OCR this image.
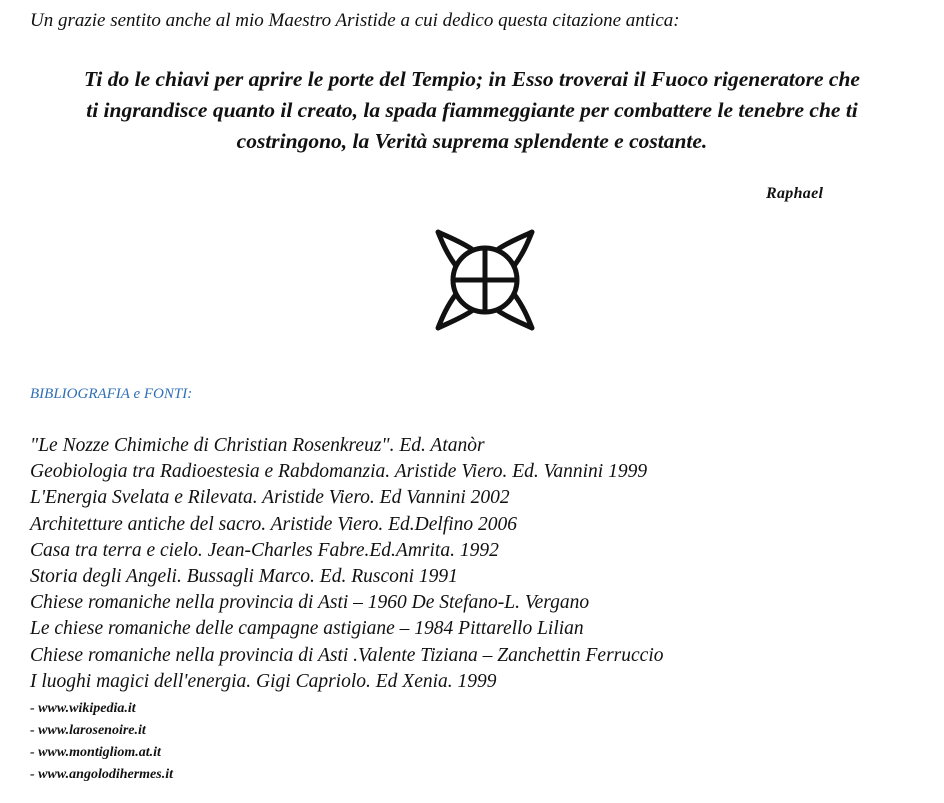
Un grazie sentito anche al mio Maestro Aristide a cui dedico questa citazione antica:
Ti do le chiavi per aprire le porte del Tempio; in Esso troverai il Fuoco rigeneratore che
ti ingrandisce quanto il creato, la spada fiammeggiante per combattere le tenebre che ti
costringono, la Verità suprema splendente e costante.
Raphael
BIBLIOGRAFIA e FONTI:
"Le Nozze Chimiche di Christian Rosenkreuz". Ed. Atanòr
Geobiologia tra Radioestesia e Rabdomanzia. Aristide Viero. Ed. Vannini 1999
L'Energia Svelata e Rilevata. Aristide Viero. Ed Vannini 2002
Architetture antiche del sacro. Aristide Viero. Ed.Delfino 2006
Casa tra terra e cielo. Jean-Charles Fabre.Ed.Amrita. 1992
Storia degli Angeli. Bussagli Marco. Ed. Rusconi 1991
Chiese romaniche nella provincia di Asti – 1960 De Stefano-L. Vergano
Le chiese romaniche delle campagne astigiane – 1984 Pittarello Lilian
Chiese romaniche nella provincia di Asti .Valente Tiziana – Zanchettin Ferruccio
I luoghi magici dell'energia. Gigi Capriolo. Ed Xenia. 1999
- www.wikipedia.it
- www.larosenoire.it
- www.montigliom.at.it
- www.angolodihermes.it
